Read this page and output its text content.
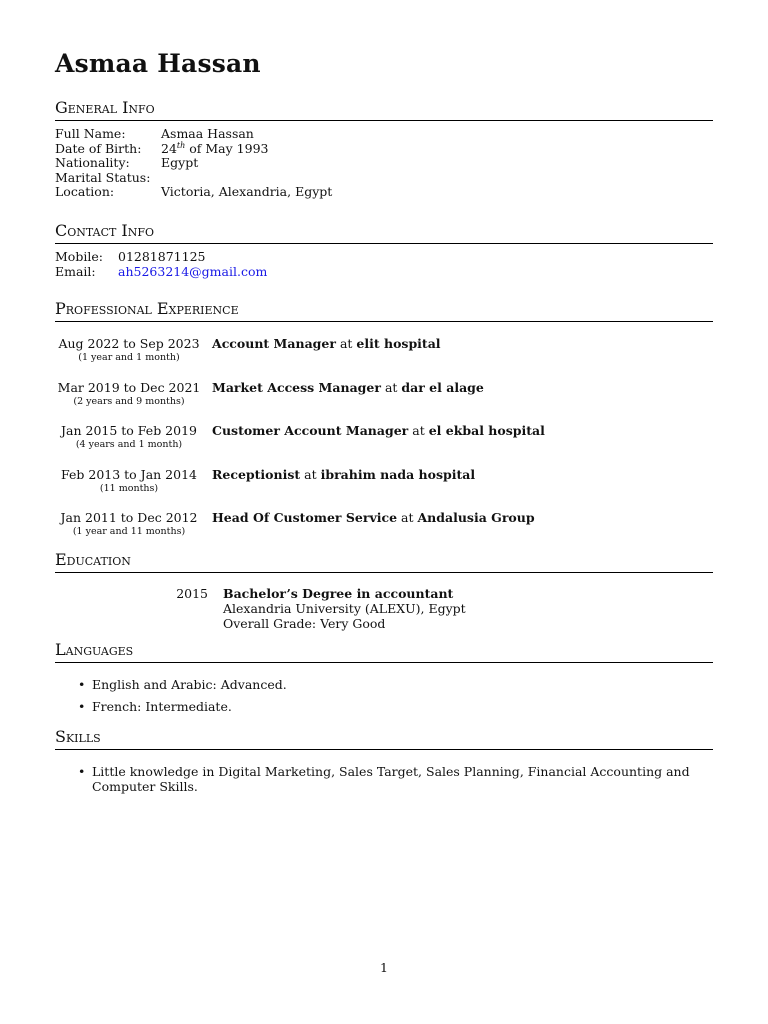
Asmaa Hassan
General Info
Full Name:	Asmaa Hassan
Date of Birth:	24th of May 1993
Nationality:	Egypt
Marital Status:
Location:	Victoria, Alexandria, Egypt
Contact Info
Mobile:	01281871125
Email:	ah5263214@gmail.com
Professional Experience
Aug 2022 to Sep 2023
(1 year and 1 month)
Account Manager at elit hospital
Mar 2019 to Dec 2021
(2 years and 9 months)
Market Access Manager at dar el alage
Jan 2015 to Feb 2019
(4 years and 1 month)
Customer Account Manager at el ekbal hospital
Feb 2013 to Jan 2014
(11 months)
Receptionist at ibrahim nada hospital
Jan 2011 to Dec 2012
(1 year and 11 months)
Head Of Customer Service at Andalusia Group
Education
2015	Bachelor’s Degree in accountant
Alexandria University (ALEXU), Egypt
Overall Grade: Very Good
Languages
• English and Arabic: Advanced.
• French: Intermediate.
Skills
• Little knowledge in Digital Marketing, Sales Target, Sales Planning, Financial Accounting and Computer Skills.
1
